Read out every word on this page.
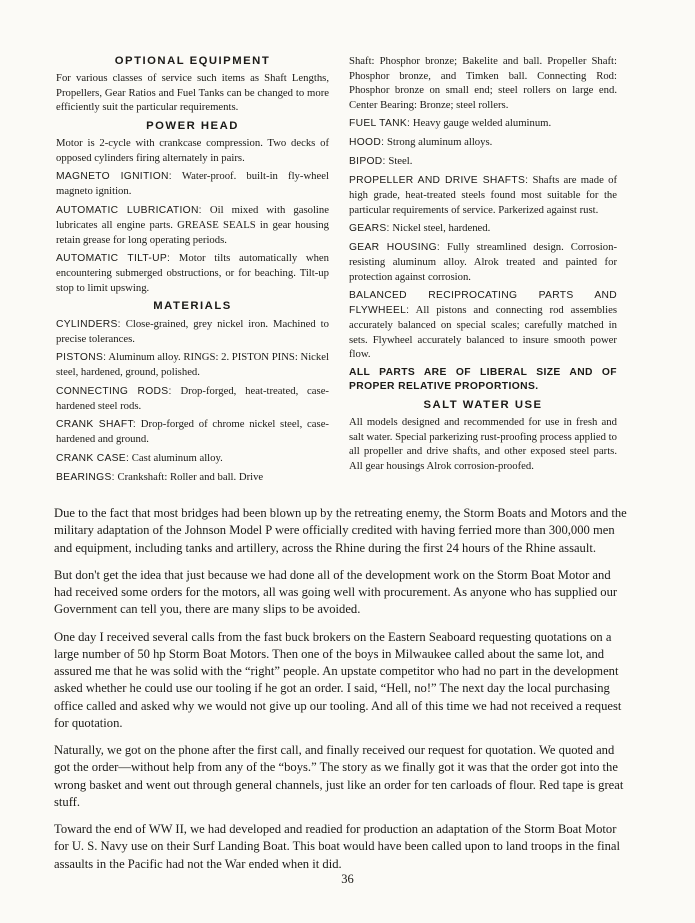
OPTIONAL EQUIPMENT

For various classes of service such items as Shaft Lengths, Propellers, Gear Ratios and Fuel Tanks can be changed to more efficiently suit the particular requirements.

POWER HEAD

Motor is 2-cycle with crankcase compression. Two decks of opposed cylinders firing alternately in pairs.

MAGNETO IGNITION: Water-proof. built-in fly-wheel magneto ignition.

AUTOMATIC LUBRICATION: Oil mixed with gasoline lubricates all engine parts. GREASE SEALS in gear housing retain grease for long operating periods.

AUTOMATIC TILT-UP: Motor tilts automatically when encountering submerged obstructions, or for beaching. Tilt-up stop to limit upswing.

MATERIALS

CYLINDERS: Close-grained, grey nickel iron. Machined to precise tolerances.

PISTONS: Aluminum alloy. RINGS: 2. PISTON PINS: Nickel steel, hardened, ground, polished.

CONNECTING RODS: Drop-forged, heat-treated, case-hardened steel rods.

CRANK SHAFT: Drop-forged of chrome nickel steel, case-hardened and ground.

CRANK CASE: Cast aluminum alloy.

BEARINGS: Crankshaft: Roller and ball. Drive

Shaft: Phosphor bronze; Bakelite and ball. Propeller Shaft: Phosphor bronze, and Timken ball. Connecting Rod: Phosphor bronze on small end; steel rollers on large end. Center Bearing: Bronze; steel rollers.

FUEL TANK: Heavy gauge welded aluminum.

HOOD: Strong aluminum alloys.

BIPOD: Steel.

PROPELLER AND DRIVE SHAFTS: Shafts are made of high grade, heat-treated steels found most suitable for the particular requirements of service. Parkerized against rust.

GEARS: Nickel steel, hardened.

GEAR HOUSING: Fully streamlined design. Corrosion-resisting aluminum alloy. Alrok treated and painted for protection against corrosion.

BALANCED RECIPROCATING PARTS AND FLYWHEEL: All pistons and connecting rod assemblies accurately balanced on special scales; carefully matched in sets. Flywheel accurately balanced to insure smooth power flow.

ALL PARTS ARE OF LIBERAL SIZE AND OF PROPER RELATIVE PROPORTIONS.

SALT WATER USE

All models designed and recommended for use in fresh and salt water. Special parkerizing rust-proofing process applied to all propeller and drive shafts, and other exposed steel parts. All gear housings Alrok corrosion-proofed.

Due to the fact that most bridges had been blown up by the retreating enemy, the Storm Boats and Motors and the military adaptation of the Johnson Model P were officially credited with having ferried more than 300,000 men and equipment, including tanks and artillery, across the Rhine during the first 24 hours of the Rhine assault.

But don't get the idea that just because we had done all of the development work on the Storm Boat Motor and had received some orders for the motors, all was going well with procurement. As anyone who has supplied our Government can tell you, there are many slips to be avoided.

One day I received several calls from the fast buck brokers on the Eastern Seaboard requesting quotations on a large number of 50 hp Storm Boat Motors. Then one of the boys in Milwaukee called about the same lot, and assured me that he was solid with the “right” people. An upstate competitor who had no part in the development asked whether he could use our tooling if he got an order. I said, “Hell, no!” The next day the local purchasing office called and asked why we would not give up our tooling. And all of this time we had not received a request for quotation.

Naturally, we got on the phone after the first call, and finally received our request for quotation. We quoted and got the order—without help from any of the “boys.” The story as we finally got it was that the order got into the wrong basket and went out through general channels, just like an order for ten carloads of flour. Red tape is great stuff.

Toward the end of WW II, we had developed and readied for production an adaptation of the Storm Boat Motor for U. S. Navy use on their Surf Landing Boat. This boat would have been called upon to land troops in the final assaults in the Pacific had not the War ended when it did.

36
